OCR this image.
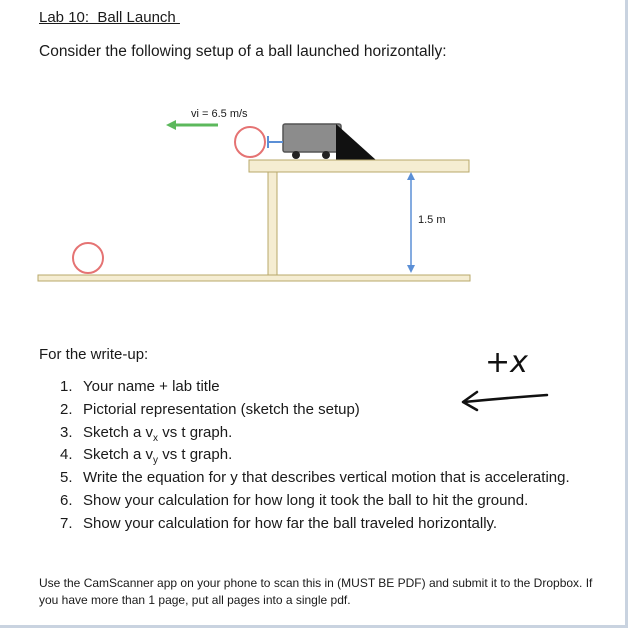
Lab 10:  Ball Launch
Consider the following setup of a ball launched horizontally:
vi = 6.5 m/s
1.5 m
For the write-up:
1. Your name + lab title
2. Pictorial representation (sketch the setup)
3. Sketch a $v_x$ vs t graph.
4. Sketch a $v_y$ vs t graph.
5. Write the equation for y that describes vertical motion that is accelerating.
6. Show your calculation for how long it took the ball to hit the ground.
7. Show your calculation for how far the ball traveled horizontally.
+x
Use the CamScanner app on your phone to scan this in (MUST BE PDF) and submit it to the Dropbox. If you have more than 1 page, put all pages into a single pdf.
